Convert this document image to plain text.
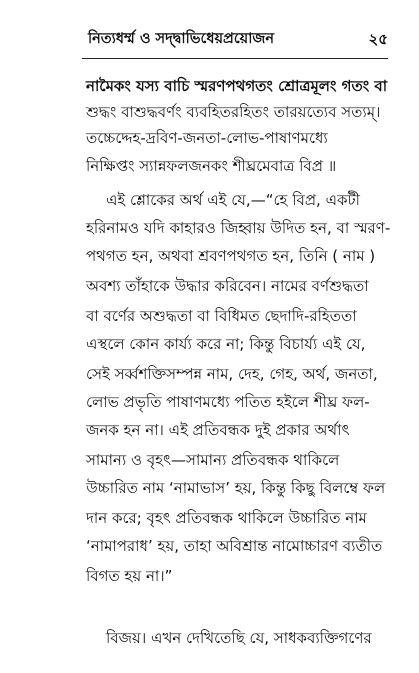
নিত্যধর্ম্ম ও সদ্দ্বাভিধেয়প্রয়োজন	২৫
নামৈকং যস্য বাচি স্মরণপথগতং শ্রোত্রমূলং গতং বা
শুদ্ধং বাশুদ্ধবর্ণং ব্যবহিতরহিতং তারয়ত্যেব সত্যম্।
তচ্চেদ্দেহ-দ্রবিণ-জনতা-লোভ-পাষাণমধ্যে
নিক্ষিপ্তং স্যান্নফলজনকং শীঘ্রমেবাত্র বিপ্র ॥
এই শ্লোকের অর্থ এই যে,—“হে বিপ্র, একটী
হরিনামও যদি কাহারও জিহ্বায় উদিত হন, বা স্মরণ-
পথগত হন, অথবা শ্রবণপথগত হন, তিনি ( নাম )
অবশ্য তাঁহাকে উদ্ধার করিবেন। নামের বর্ণশুদ্ধতা
বা বর্ণের অশুদ্ধতা বা বিধিমত ছেদাদি-রহিততা
এস্থলে কোন কার্য্য করে না; কিন্তু বিচার্য্য এই যে,
সেই সর্ব্বশক্তিসম্পন্ন নাম, দেহ, গেহ, অর্থ, জনতা,
লোভ প্রভৃতি পাষাণমধ্যে পতিত হইলে শীঘ্র ফল-
জনক হন না। এই প্রতিবন্ধক দুই প্রকার অর্থাৎ
সামান্য ও বৃহৎ—সামান্য প্রতিবন্ধক থাকিলে
উচ্চারিত নাম ‘নামাভাস’ হয়, কিন্তু কিছু বিলম্বে ফল
দান করে; বৃহৎ প্রতিবন্ধক থাকিলে উচ্চারিত নাম
‘নামাপরাধ’ হয়, তাহা অবিশ্রান্ত নামোচ্চারণ ব্যতীত
বিগত হয় না।”
বিজয়। এখন দেখিতেছি যে, সাধকব্যক্তিগণের
